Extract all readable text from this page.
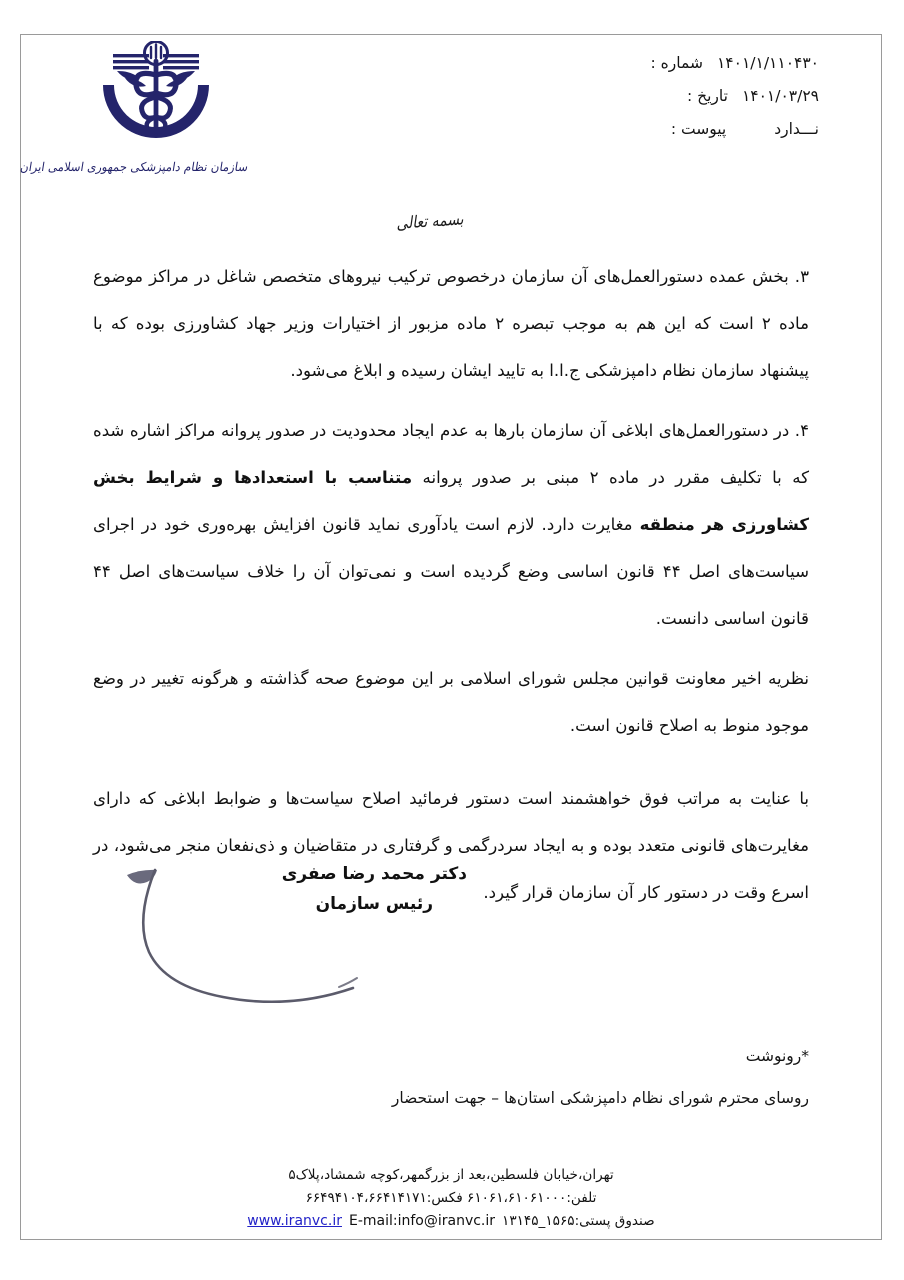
۱۴۰۱/۱/۱۱۰۴۳۰شماره :
۱۴۰۱/۰۳/۲۹تاریخ :
نـــداردپیوست :
سازمان نظام دامپزشکی جمهوری اسلامی ایران
بسمه تعالی

۳. بخش عمده دستورالعمل‌های آن سازمان درخصوص ترکیب نیروهای متخصص شاغل در مراکز موضوع ماده ۲ است که این هم به موجب تبصره ۲ ماده مزبور از اختیارات وزیر جهاد کشاورزی بوده که با پیشنهاد سازمان نظام دامپزشکی ج.ا.ا به تایید ایشان رسیده و ابلاغ می‌شود.

۴. در دستورالعمل‌های ابلاغی آن سازمان بارها به عدم ایجاد محدودیت در صدور پروانه مراکز اشاره شده که با تکلیف مقرر در ماده ۲ مبنی بر صدور پروانه متناسب با استعدادها و شرایط بخش کشاورزی هر منطقه مغایرت دارد. لازم است یادآوری نماید قانون افزایش بهره‌وری خود در اجرای سیاست‌های اصل ۴۴ قانون اساسی وضع گردیده است و نمی‌توان آن را خلاف سیاست‌های اصل ۴۴ قانون اساسی دانست.

نظریه اخیر معاونت قوانین مجلس شورای اسلامی بر این موضوع صحه گذاشته و هرگونه تغییر در وضع موجود منوط به اصلاح قانون است.

با عنایت به مراتب فوق خواهشمند است دستور فرمائید اصلاح سیاست‌ها و ضوابط ابلاغی که دارای مغایرت‌های قانونی متعدد بوده و به ایجاد سردرگمی و گرفتاری در متقاضیان و ذی‌نفعان منجر می‌شود، در اسرع وقت در دستور کار آن سازمان قرار گیرد.

دکتر محمد رضا صفری
رئیس سازمان
*رونوشت
روسای محترم شورای نظام دامپزشکی استان‌ها – جهت استحضار
تهران،خیابان فلسطین،بعد از بزرگمهر،کوچه شمشاد،پلاک۵
تلفن:۶۱۰۶۱،۶۱۰۶۱۰۰۰ فکس:۶۶۴۹۴۱۰۴،۶۶۴۱۴۱۷۱
صندوق پستی:۱۵۶۵_۱۳۱۴۵E-mail:info@iranvc.irwww.iranvc.ir
